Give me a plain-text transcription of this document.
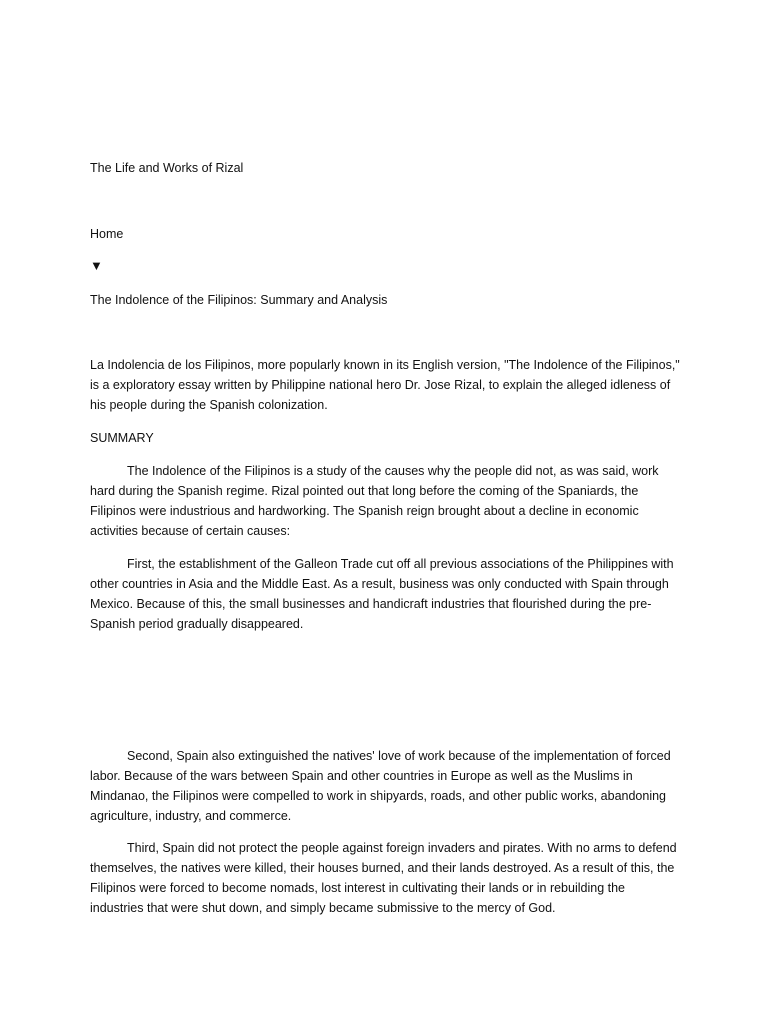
The Life and Works of Rizal

Home

▼

The Indolence of the Filipinos: Summary and Analysis

La Indolencia de los Filipinos, more popularly known in its English version, "The Indolence of the Filipinos," is a exploratory essay written by Philippine national hero Dr. Jose Rizal, to explain the alleged idleness of his people during the Spanish colonization.

SUMMARY

The Indolence of the Filipinos is a study of the causes why the people did not, as was said, work hard during the Spanish regime. Rizal pointed out that long before the coming of the Spaniards, the Filipinos were industrious and hardworking. The Spanish reign brought about a decline in economic activities because of certain causes:

First, the establishment of the Galleon Trade cut off all previous associations of the Philippines with other countries in Asia and the Middle East. As a result, business was only conducted with Spain through Mexico. Because of this, the small businesses and handicraft industries that flourished during the pre-Spanish period gradually disappeared.

Second, Spain also extinguished the natives' love of work because of the implementation of forced labor. Because of the wars between Spain and other countries in Europe as well as the Muslims in Mindanao, the Filipinos were compelled to work in shipyards, roads, and other public works, abandoning agriculture, industry, and commerce.

Third, Spain did not protect the people against foreign invaders and pirates. With no arms to defend themselves, the natives were killed, their houses burned, and their lands destroyed. As a result of this, the Filipinos were forced to become nomads, lost interest in cultivating their lands or in rebuilding the industries that were shut down, and simply became submissive to the mercy of God.
